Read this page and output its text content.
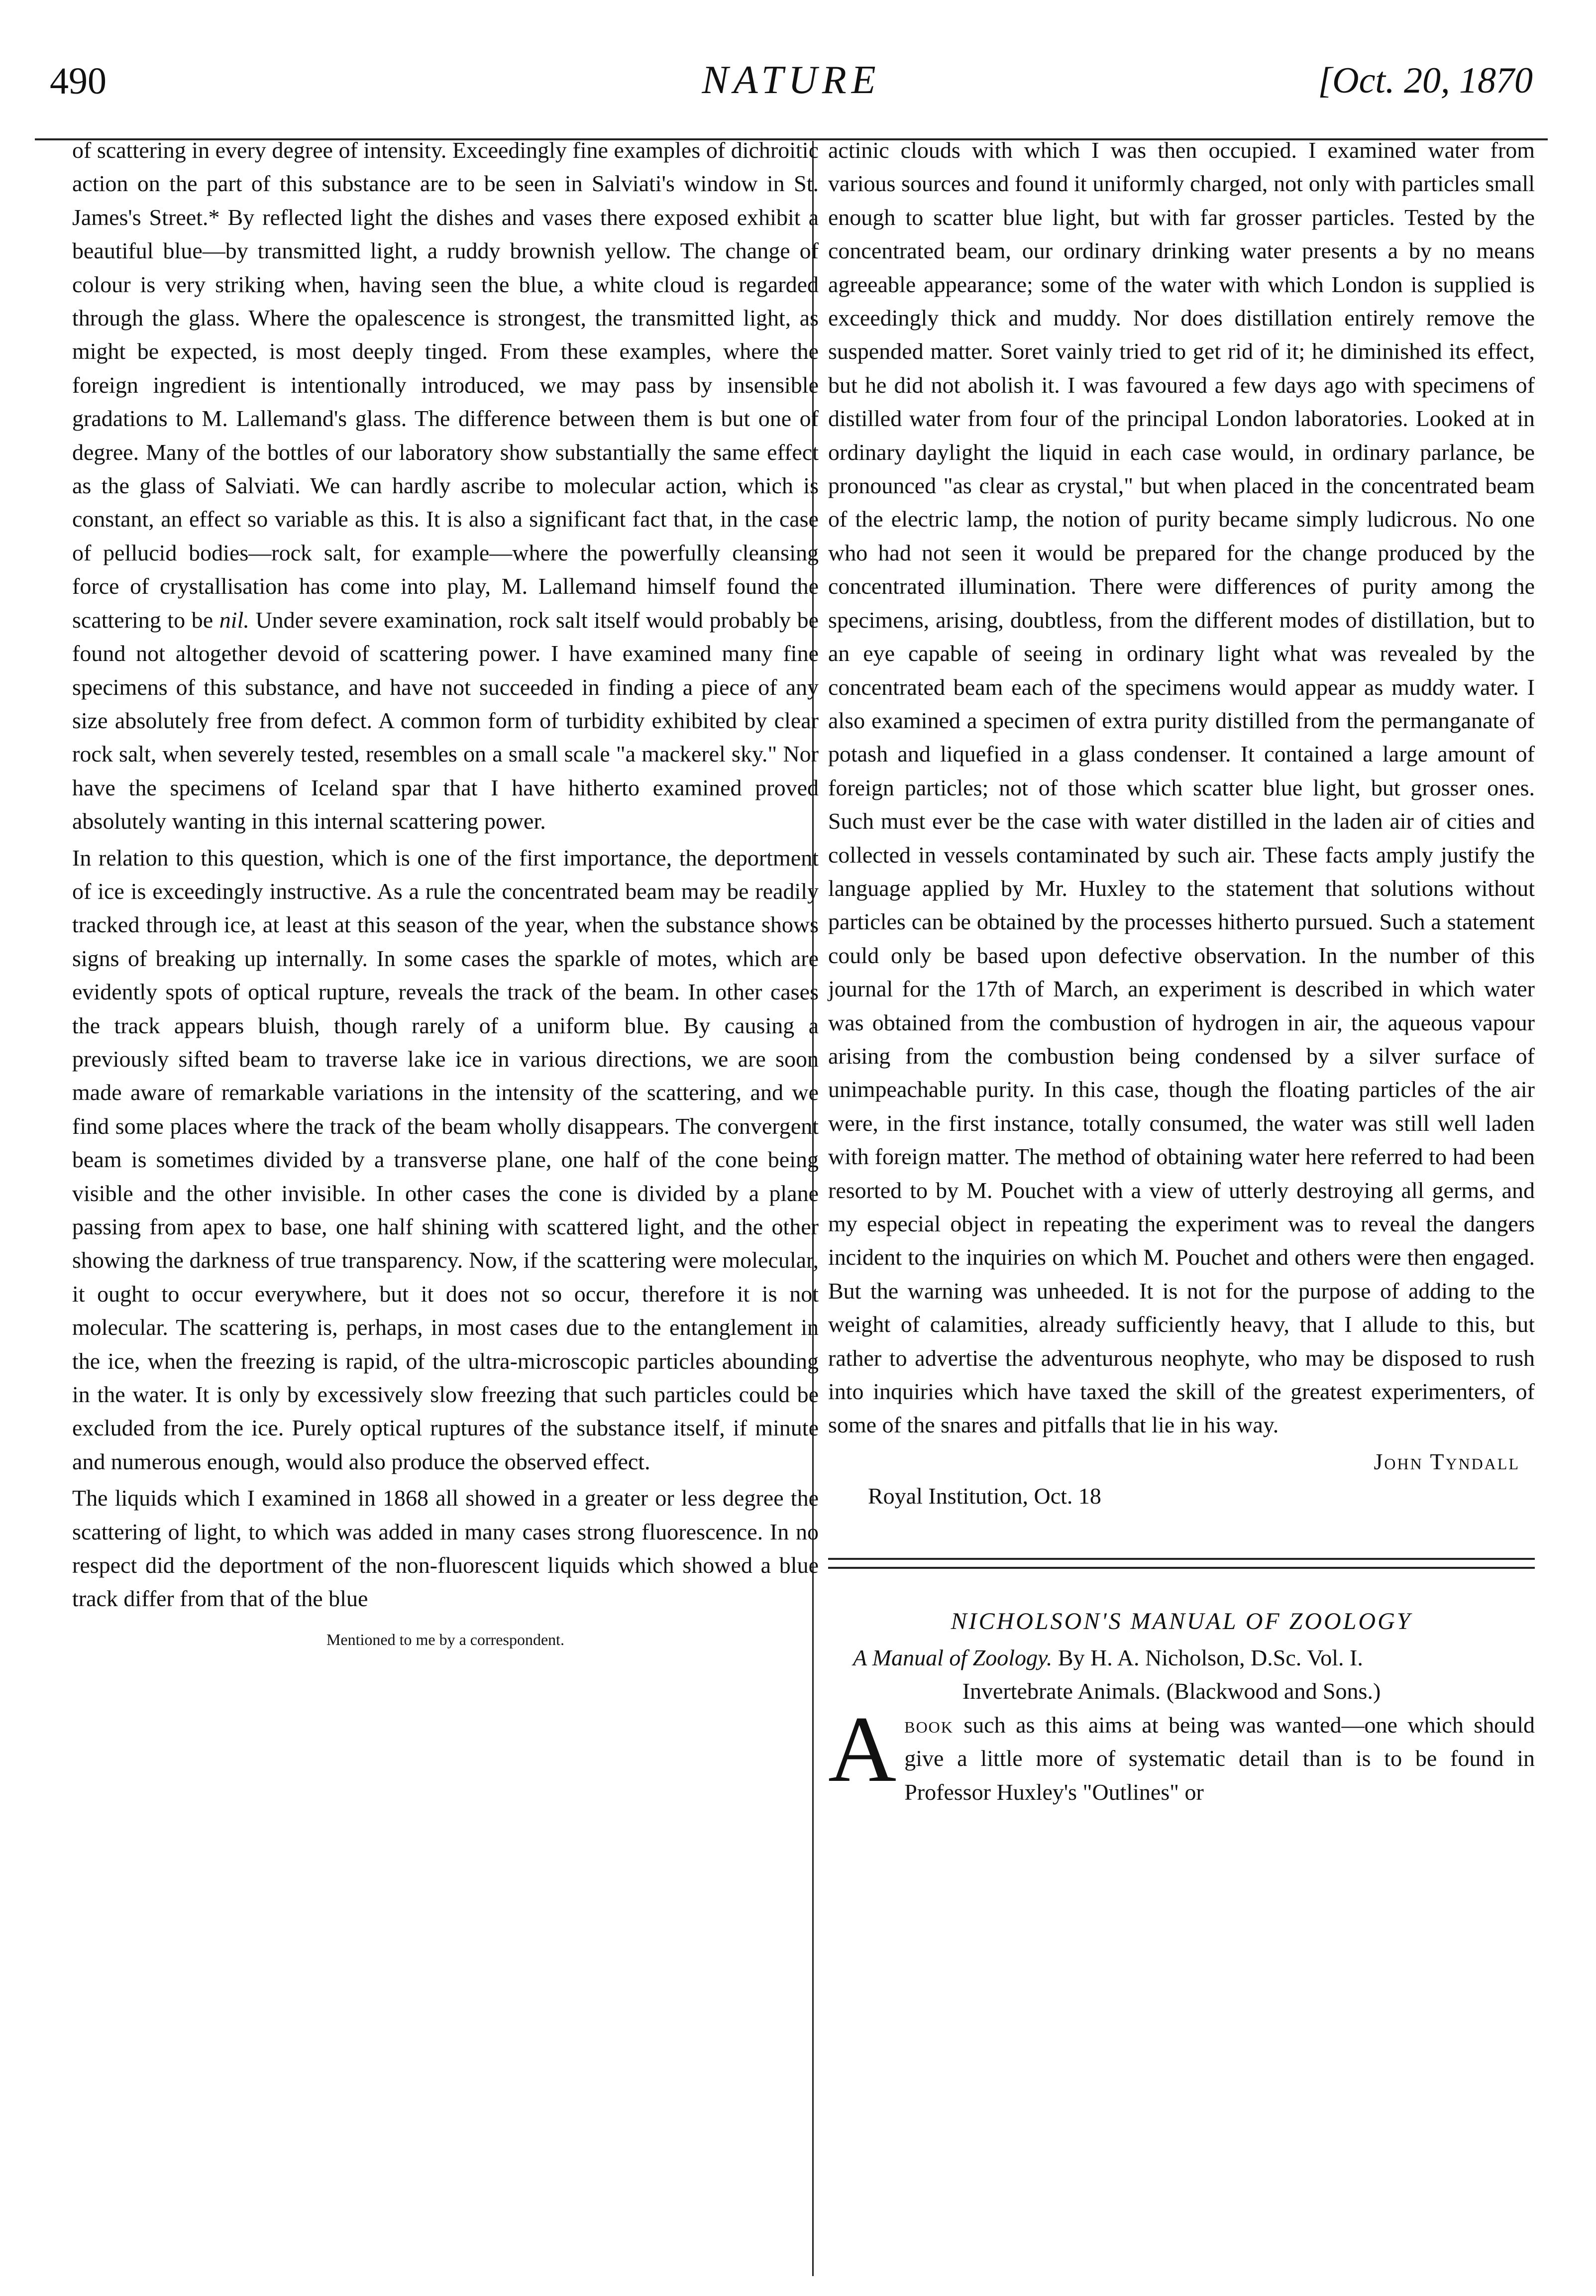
490	NATURE	[Oct. 20, 1870

of scattering in every degree of intensity. Exceedingly fine examples of dichroitic action on the part of this substance are to be seen in Salviati's window in St. James's Street.* By reflected light the dishes and vases there exposed exhibit a beautiful blue—by transmitted light, a ruddy brownish yellow. The change of colour is very striking when, having seen the blue, a white cloud is regarded through the glass. Where the opalescence is strongest, the transmitted light, as might be expected, is most deeply tinged. From these examples, where the foreign ingredient is intentionally introduced, we may pass by insensible gradations to M. Lallemand's glass. The difference between them is but one of degree. Many of the bottles of our laboratory show substantially the same effect as the glass of Salviati. We can hardly ascribe to molecular action, which is constant, an effect so variable as this. It is also a significant fact that, in the case of pellucid bodies—rock salt, for example—where the powerfully cleansing force of crystallisation has come into play, M. Lallemand himself found the scattering to be nil. Under severe examination, rock salt itself would probably be found not altogether devoid of scattering power. I have examined many fine specimens of this substance, and have not succeeded in finding a piece of any size absolutely free from defect. A common form of turbidity exhibited by clear rock salt, when severely tested, resembles on a small scale "a mackerel sky." Nor have the specimens of Iceland spar that I have hitherto examined proved absolutely wanting in this internal scattering power.

In relation to this question, which is one of the first importance, the deportment of ice is exceedingly instructive. As a rule the concentrated beam may be readily tracked through ice, at least at this season of the year, when the substance shows signs of breaking up internally. In some cases the sparkle of motes, which are evidently spots of optical rupture, reveals the track of the beam. In other cases the track appears bluish, though rarely of a uniform blue. By causing a previously sifted beam to traverse lake ice in various directions, we are soon made aware of remarkable variations in the intensity of the scattering, and we find some places where the track of the beam wholly disappears. The convergent beam is sometimes divided by a transverse plane, one half of the cone being visible and the other invisible. In other cases the cone is divided by a plane passing from apex to base, one half shining with scattered light, and the other showing the darkness of true transparency. Now, if the scattering were molecular, it ought to occur everywhere, but it does not so occur, therefore it is not molecular. The scattering is, perhaps, in most cases due to the entanglement in the ice, when the freezing is rapid, of the ultra-microscopic particles abounding in the water. It is only by excessively slow freezing that such particles could be excluded from the ice. Purely optical ruptures of the substance itself, if minute and numerous enough, would also produce the observed effect.

The liquids which I examined in 1868 all showed in a greater or less degree the scattering of light, to which was added in many cases strong fluorescence. In no respect did the deportment of the non-fluorescent liquids which showed a blue track differ from that of the blue

Mentioned to me by a correspondent.

actinic clouds with which I was then occupied. I examined water from various sources and found it uniformly charged, not only with particles small enough to scatter blue light, but with far grosser particles. Tested by the concentrated beam, our ordinary drinking water presents a by no means agreeable appearance; some of the water with which London is supplied is exceedingly thick and muddy. Nor does distillation entirely remove the suspended matter. Soret vainly tried to get rid of it; he diminished its effect, but he did not abolish it. I was favoured a few days ago with specimens of distilled water from four of the principal London laboratories. Looked at in ordinary daylight the liquid in each case would, in ordinary parlance, be pronounced "as clear as crystal," but when placed in the concentrated beam of the electric lamp, the notion of purity became simply ludicrous. No one who had not seen it would be prepared for the change produced by the concentrated illumination. There were differences of purity among the specimens, arising, doubtless, from the different modes of distillation, but to an eye capable of seeing in ordinary light what was revealed by the concentrated beam each of the specimens would appear as muddy water. I also examined a specimen of extra purity distilled from the permanganate of potash and liquefied in a glass condenser. It contained a large amount of foreign particles; not of those which scatter blue light, but grosser ones. Such must ever be the case with water distilled in the laden air of cities and collected in vessels contaminated by such air. These facts amply justify the language applied by Mr. Huxley to the statement that solutions without particles can be obtained by the processes hitherto pursued. Such a statement could only be based upon defective observation. In the number of this journal for the 17th of March, an experiment is described in which water was obtained from the combustion of hydrogen in air, the aqueous vapour arising from the combustion being condensed by a silver surface of unimpeachable purity. In this case, though the floating particles of the air were, in the first instance, totally consumed, the water was still well laden with foreign matter. The method of obtaining water here referred to had been resorted to by M. Pouchet with a view of utterly destroying all germs, and my especial object in repeating the experiment was to reveal the dangers incident to the inquiries on which M. Pouchet and others were then engaged. But the warning was unheeded. It is not for the purpose of adding to the weight of calamities, already sufficiently heavy, that I allude to this, but rather to advertise the adventurous neophyte, who may be disposed to rush into inquiries which have taxed the skill of the greatest experimenters, of some of the snares and pitfalls that lie in his way.

John Tyndall
Royal Institution, Oct. 18
NICHOLSON'S MANUAL OF ZOOLOGY
A Manual of Zoology. By H. A. Nicholson, D.Sc. Vol. I.
Invertebrate Animals. (Blackwood and Sons.)

Abook such as this aims at being was wanted—one which should give a little more of systematic detail than is to be found in Professor Huxley's "Outlines" or
